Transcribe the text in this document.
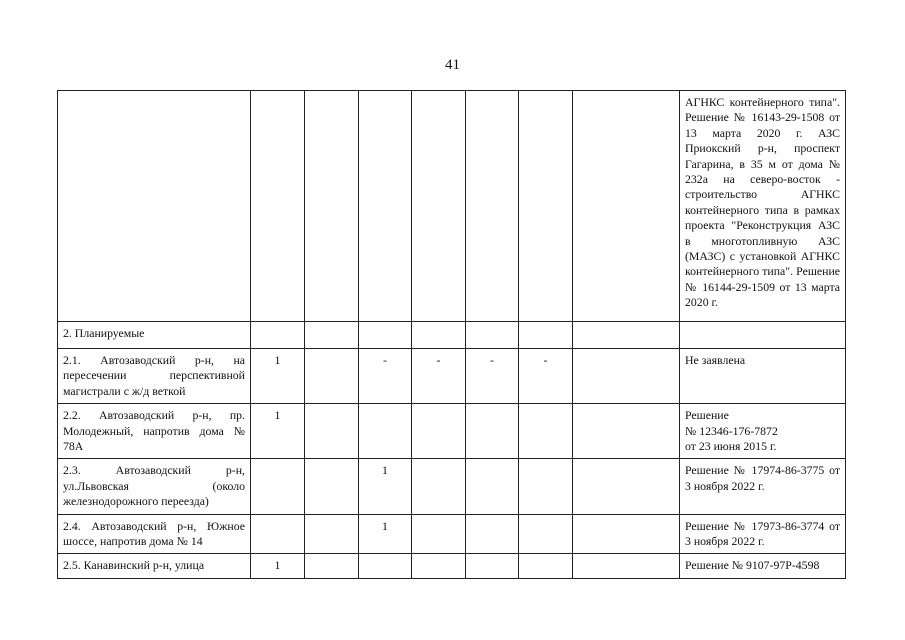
41
								АГНКС контейнерного типа". Решение № 16143-29-1508 от 13 марта 2020 г. АЗС Приокский р-н, проспект Гагарина, в 35 м от дома № 232а на северо-восток - строительство АГНКС контейнерного типа в рамках проекта "Реконструкция АЗС в многотопливную АЗС (МАЗС) с установкой АГНКС контейнерного типа". Решение № 16144-29-1509 от 13 марта 2020 г.
2. Планируемые								
2.1. Автозаводский р-н, на пересечении перспективной магистрали с ж/д веткой	1		-	-	-	-		Не заявлена
2.2. Автозаводский р-н, пр. Молодежный, напротив дома № 78А	1							Решение
№ 12346-176-7872
от 23 июня 2015 г.

2.3. Автозаводский р-н, ул.Львовская (около железнодорожного переезда)			1					Решение № 17974-86-3775 от 3 ноября 2022 г.
2.4. Автозаводский р-н, Южное шоссе, напротив дома № 14			1					Решение № 17973-86-3774 от 3 ноября 2022 г.
2.5. Канавинский р-н, улица	1							Решение № 9107-97Р-4598
